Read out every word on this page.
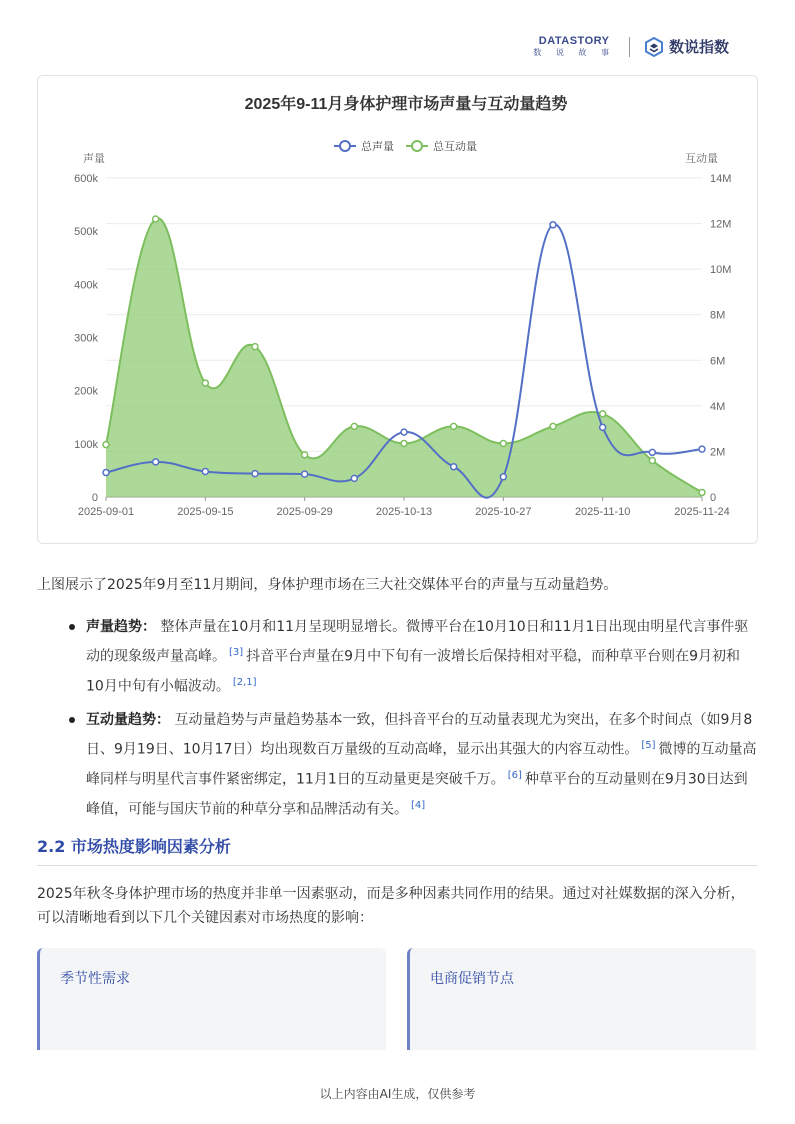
DATASTORY
数 说 故 事	数说指数
2025年9-11月身体护理市场声量与互动量趋势
0
100k
200k
300k
400k
500k
600k
0
2M
4M
6M
8M
10M
12M
14M
2025-09-01	2025-09-15	2025-09-29	2025-10-13	2025-10-27	2025-11-10	2025-11-24
声量	互动量
总声量	总互动量
上图展示了2025年9月至11月期间，身体护理市场在三大社交媒体平台的声量与互动量趋势。
声量趋势： 整体声量在10月和11月呈现明显增长。微博平台在10月10日和11月1日出现由明星代言事件驱动的现象级声量高峰。 [3] 抖音平台声量在9月中下旬有一波增长后保持相对平稳，而种草平台则在9月初和10月中旬有小幅波动。 [2,1]
互动量趋势： 互动量趋势与声量趋势基本一致，但抖音平台的互动量表现尤为突出，在多个时间点（如9月8日、9月19日、10月17日）均出现数百万量级的互动高峰，显示出其强大的内容互动性。 [5] 微博的互动量高峰同样与明星代言事件紧密绑定，11月1日的互动量更是突破千万。 [6] 种草平台的互动量则在9月30日达到峰值，可能与国庆节前的种草分享和品牌活动有关。 [4]
2.2 市场热度影响因素分析
2025年秋冬身体护理市场的热度并非单一因素驱动，而是多种因素共同作用的结果。通过对社媒数据的深入分析，可以清晰地看到以下几个关键因素对市场热度的影响：
季节性需求	电商促销节点
以上内容由AI生成，仅供参考
